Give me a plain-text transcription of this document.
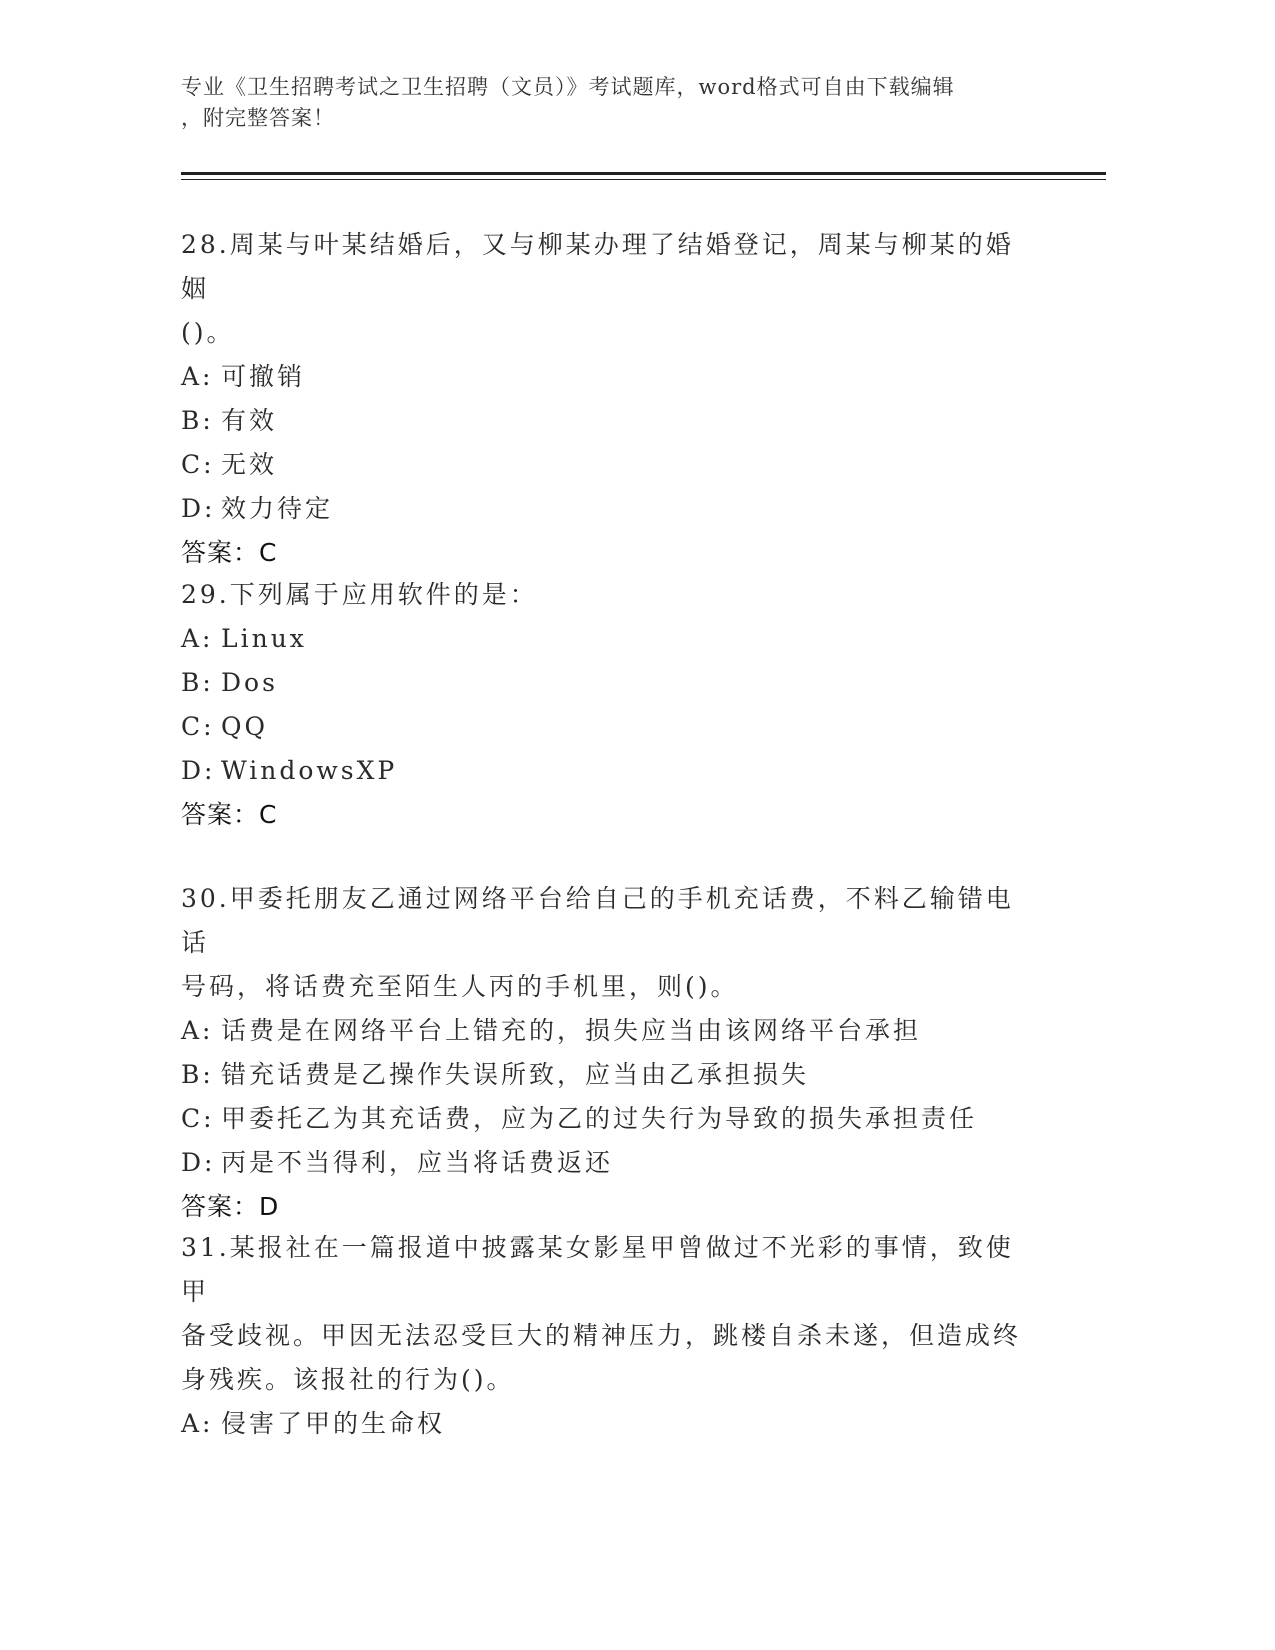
专业《卫生招聘考试之卫生招聘（文员）》考试题库，word格式可自由下载编辑
，附完整答案！

28.周某与叶某结婚后，又与柳某办理了结婚登记，周某与柳某的婚姻

()。

A: 可撤销

B: 有效

C: 无效

D: 效力待定

答案：C

29.下列属于应用软件的是：

A: Linux

B: Dos

C: QQ

D: WindowsXP

答案：C

30.甲委托朋友乙通过网络平台给自己的手机充话费，不料乙输错电话

号码，将话费充至陌生人丙的手机里，则()。

A: 话费是在网络平台上错充的，损失应当由该网络平台承担

B: 错充话费是乙操作失误所致，应当由乙承担损失

C: 甲委托乙为其充话费，应为乙的过失行为导致的损失承担责任

D: 丙是不当得利，应当将话费返还

答案：D

31.某报社在一篇报道中披露某女影星甲曾做过不光彩的事情，致使甲

备受歧视。甲因无法忍受巨大的精神压力，跳楼自杀未遂，但造成终

身残疾。该报社的行为()。

A: 侵害了甲的生命权
